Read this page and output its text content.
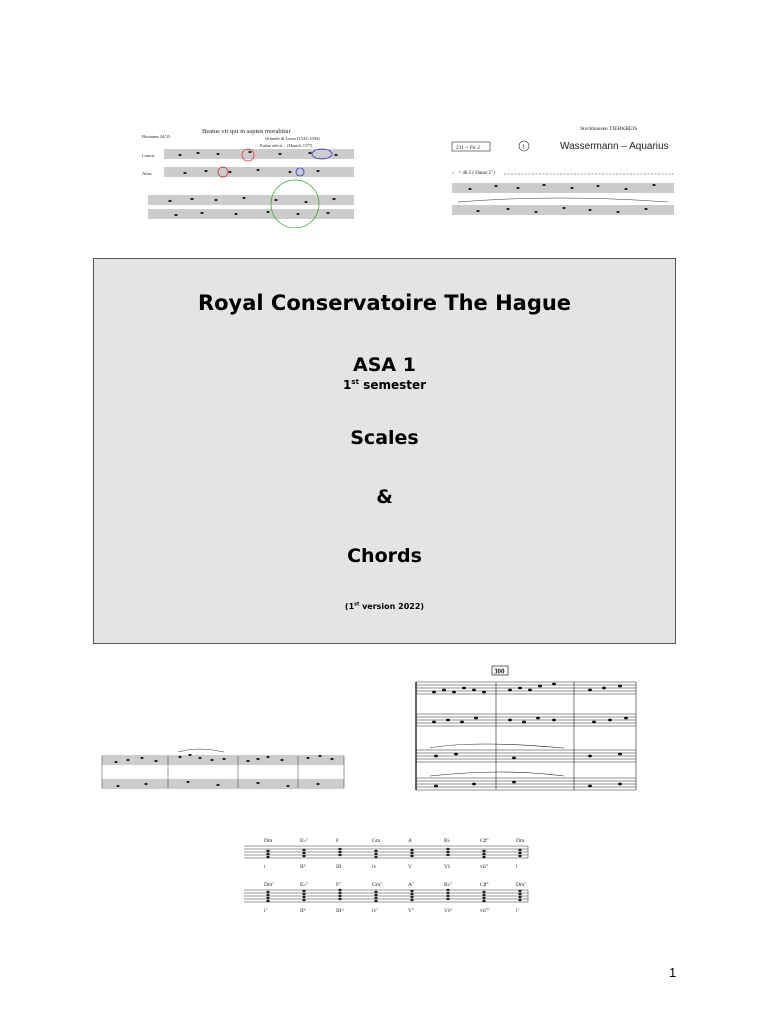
Beatus vir qui in sapien morabitur
Orlando di Lasso (1532-1594)
Psalmi selecti ... (Munich, 1577)
Bicinium 34/35
Cantus
Altus
Stockhausen TIERKREIS
211 = Fk 2	1	Wassermann – Aquarius
♩ = 48.5 ( Dauer 5")
Royal Conservatoire The Hague
ASA 1
1st semester
Scales
&
Chords
(1st version 2022)
300
Dm	E♭⁷	F	Gm	A	B♭	C♯°	Dm
Dm⁷	E♭⁷	F⁷	Gm⁷	A⁷	B♭⁷	C♯°	Dm⁷
i	II⁶	III	iv	V	VI	vii°	i
i⁷	II⁶	III^	iv⁷	V⁷	VI^	vii°⁷	i⁷
1
